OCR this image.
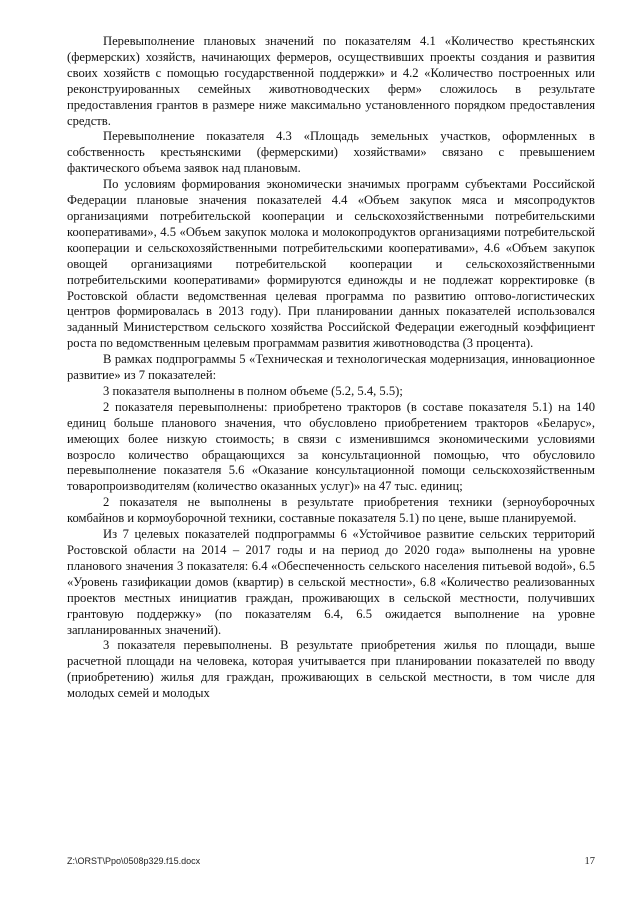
Перевыполнение плановых значений по показателям 4.1 «Количество крестьянских (фермерских) хозяйств, начинающих фермеров, осуществивших проекты создания и развития своих хозяйств с помощью государственной поддержки» и 4.2 «Количество построенных или реконструированных семейных животноводческих ферм» сложилось в результате предоставления грантов в размере ниже максимально установленного порядком предоставления средств.

Перевыполнение показателя 4.3 «Площадь земельных участков, оформленных в собственность крестьянскими (фермерскими) хозяйствами» связано с превышением фактического объема заявок над плановым.

По условиям формирования экономически значимых программ субъектами Российской Федерации плановые значения показателей 4.4 «Объем закупок мяса и мясопродуктов организациями потребительской кооперации и сельскохозяйственными потребительскими кооперативами», 4.5 «Объем закупок молока и молокопродуктов организациями потребительской кооперации и сельскохозяйственными потребительскими кооперативами», 4.6 «Объем закупок овощей организациями потребительской кооперации и сельскохозяйственными потребительскими кооперативами» формируются единожды и не подлежат корректировке (в Ростовской области ведомственная целевая программа по развитию оптово-логистических центров формировалась в 2013 году). При планировании данных показателей использовался заданный Министерством сельского хозяйства Российской Федерации ежегодный коэффициент роста по ведомственным целевым программам развития животноводства (3 процента).

В рамках подпрограммы 5 «Техническая и технологическая модернизация, инновационное развитие» из 7 показателей:

3 показателя выполнены в полном объеме (5.2, 5.4, 5.5);

2 показателя перевыполнены: приобретено тракторов (в составе показателя 5.1) на 140 единиц больше планового значения, что обусловлено приобретением тракторов «Беларус», имеющих более низкую стоимость; в связи с изменившимся экономическими условиями возросло количество обращающихся за консультационной помощью, что обусловило перевыполнение показателя 5.6 «Оказание консультационной помощи сельскохозяйственным товаропроизводителям (количество оказанных услуг)» на 47 тыс. единиц;

2 показателя не выполнены в результате приобретения техники (зерноуборочных комбайнов и кормоуборочной техники, составные показателя 5.1) по цене, выше планируемой.

Из 7 целевых показателей подпрограммы 6 «Устойчивое развитие сельских территорий Ростовской области на 2014 – 2017 годы и на период до 2020 года» выполнены на уровне планового значения 3 показателя: 6.4 «Обеспеченность сельского населения питьевой водой», 6.5 «Уровень газификации домов (квартир) в сельской местности», 6.8 «Количество реализованных проектов местных инициатив граждан, проживающих в сельской местности, получивших грантовую поддержку» (по показателям 6.4, 6.5 ожидается выполнение на уровне запланированных значений).

3 показателя перевыполнены. В результате приобретения жилья по площади, выше расчетной площади на человека, которая учитывается при планировании показателей по вводу (приобретению) жилья для граждан, проживающих в сельской местности, в том числе для молодых семей и молодых

Z:\ORST\Ppo\0508p329.f15.docx	17
